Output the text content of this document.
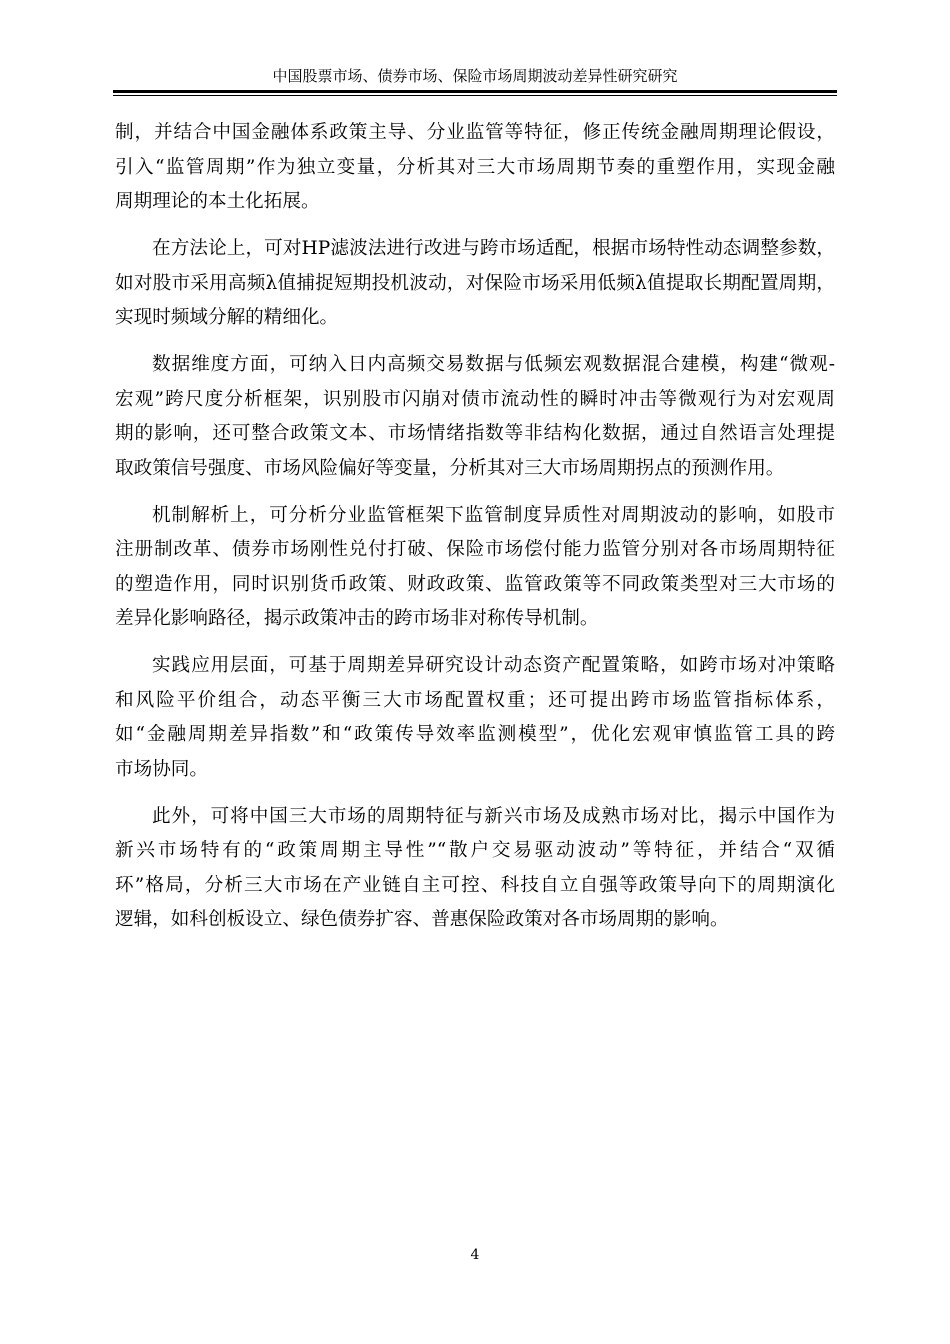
中国股票市场、债券市场、保险市场周期波动差异性研究研究
制，并结合中国金融体系政策主导、分业监管等特征，修正传统金融周期理论假设，
引入“监管周期”作为独立变量，分析其对三大市场周期节奏的重塑作用，实现金融
周期理论的本土化拓展。
在方法论上，可对HP滤波法进行改进与跨市场适配，根据市场特性动态调整参数，
如对股市采用高频λ值捕捉短期投机波动，对保险市场采用低频λ值提取长期配置周期，
实现时频域分解的精细化。
数据维度方面，可纳入日内高频交易数据与低频宏观数据混合建模，构建“微观-
宏观”跨尺度分析框架，识别股市闪崩对债市流动性的瞬时冲击等微观行为对宏观周
期的影响，还可整合政策文本、市场情绪指数等非结构化数据，通过自然语言处理提
取政策信号强度、市场风险偏好等变量，分析其对三大市场周期拐点的预测作用。
机制解析上，可分析分业监管框架下监管制度异质性对周期波动的影响，如股市
注册制改革、债券市场刚性兑付打破、保险市场偿付能力监管分别对各市场周期特征
的塑造作用，同时识别货币政策、财政政策、监管政策等不同政策类型对三大市场的
差异化影响路径，揭示政策冲击的跨市场非对称传导机制。
实践应用层面，可基于周期差异研究设计动态资产配置策略，如跨市场对冲策略
和风险平价组合，动态平衡三大市场配置权重；还可提出跨市场监管指标体系，
如“金融周期差异指数”和“政策传导效率监测模型”，优化宏观审慎监管工具的跨
市场协同。
此外，可将中国三大市场的周期特征与新兴市场及成熟市场对比，揭示中国作为
新兴市场特有的“政策周期主导性”“散户交易驱动波动”等特征，并结合“双循
环”格局，分析三大市场在产业链自主可控、科技自立自强等政策导向下的周期演化
逻辑，如科创板设立、绿色债券扩容、普惠保险政策对各市场周期的影响。
4
